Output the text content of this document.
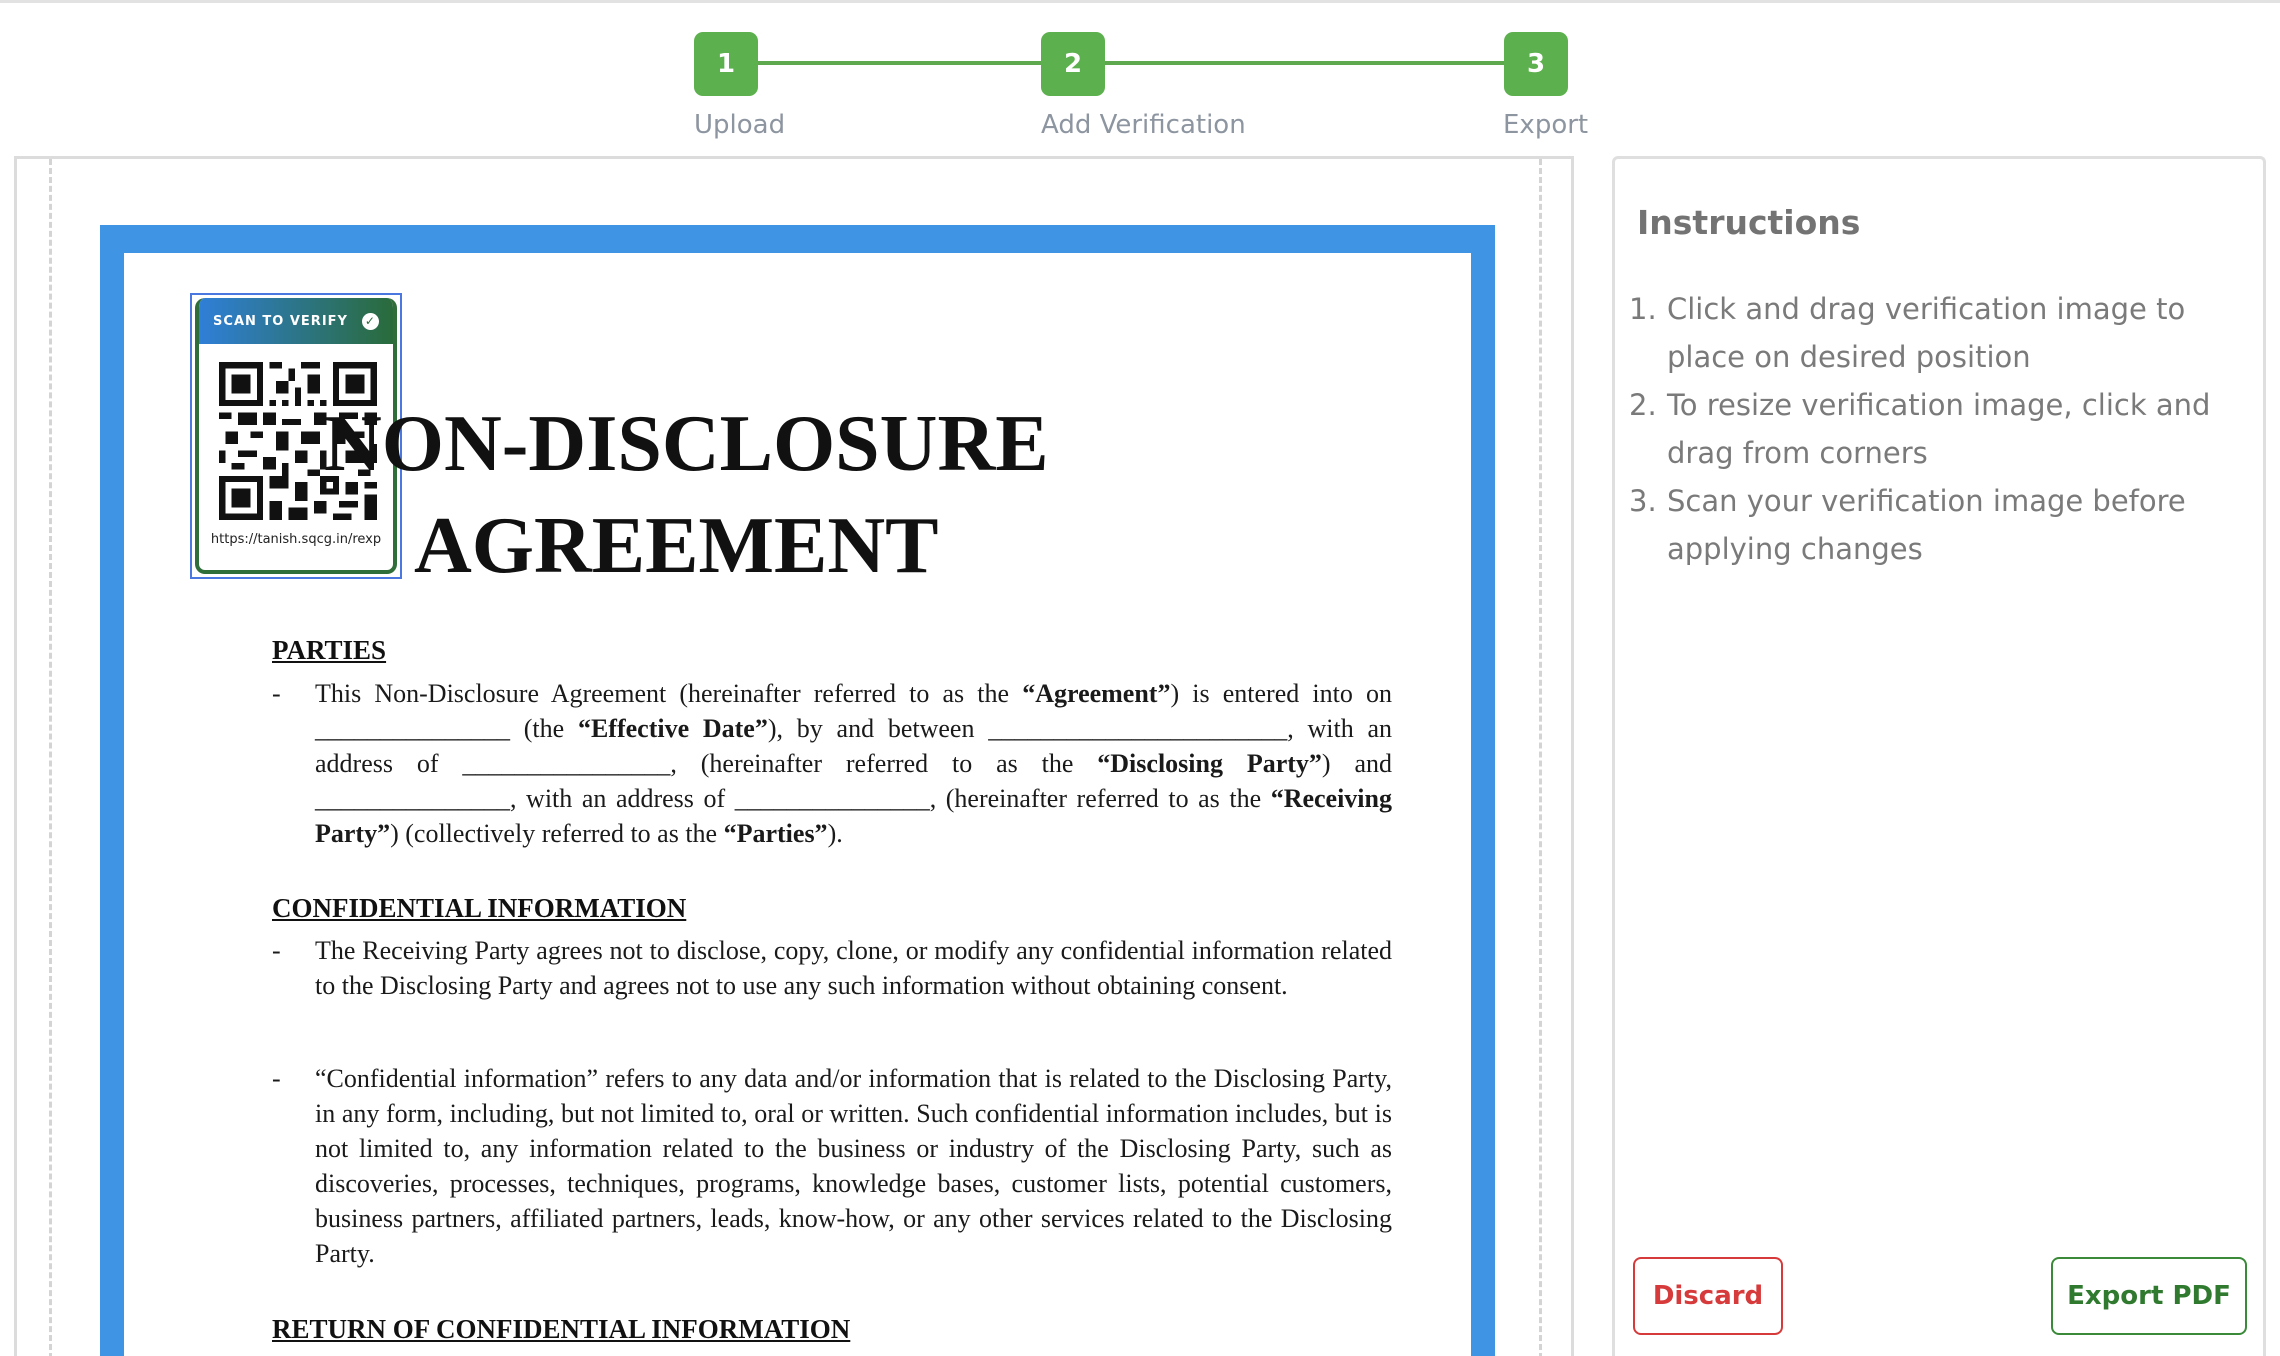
1	2	3
Upload	Add Verification	Export
SCAN TO VERIFY ✓
https://tanish.sqcg.in/rexp
NON-DISCLOSURE
AGREEMENT
PARTIES
- This Non-Disclosure Agreement (hereinafter referred to as the “Agreement”) is entered into on _______________ (the “Effective Date”), by and between _______________________, with an address of ________________, (hereinafter referred to as the “Disclosing Party”) and _______________, with an address of _______________, (hereinafter referred to as the “Receiving Party”) (collectively referred to as the “Parties”).
CONFIDENTIAL INFORMATION
- The Receiving Party agrees not to disclose, copy, clone, or modify any confidential information related to the Disclosing Party and agrees not to use any such information without obtaining consent.
- “Confidential information” refers to any data and/or information that is related to the Disclosing Party, in any form, including, but not limited to, oral or written. Such confidential information includes, but is not limited to, any information related to the business or industry of the Disclosing Party, such as discoveries, processes, techniques, programs, knowledge bases, customer lists, potential customers, business partners, affiliated partners, leads, know-how, or any other services related to the Disclosing Party.
RETURN OF CONFIDENTIAL INFORMATION
Instructions
1. Click and drag verification image to place on desired position
2. To resize verification image, click and drag from corners
3. Scan your verification image before applying changes
Discard	Export PDF
